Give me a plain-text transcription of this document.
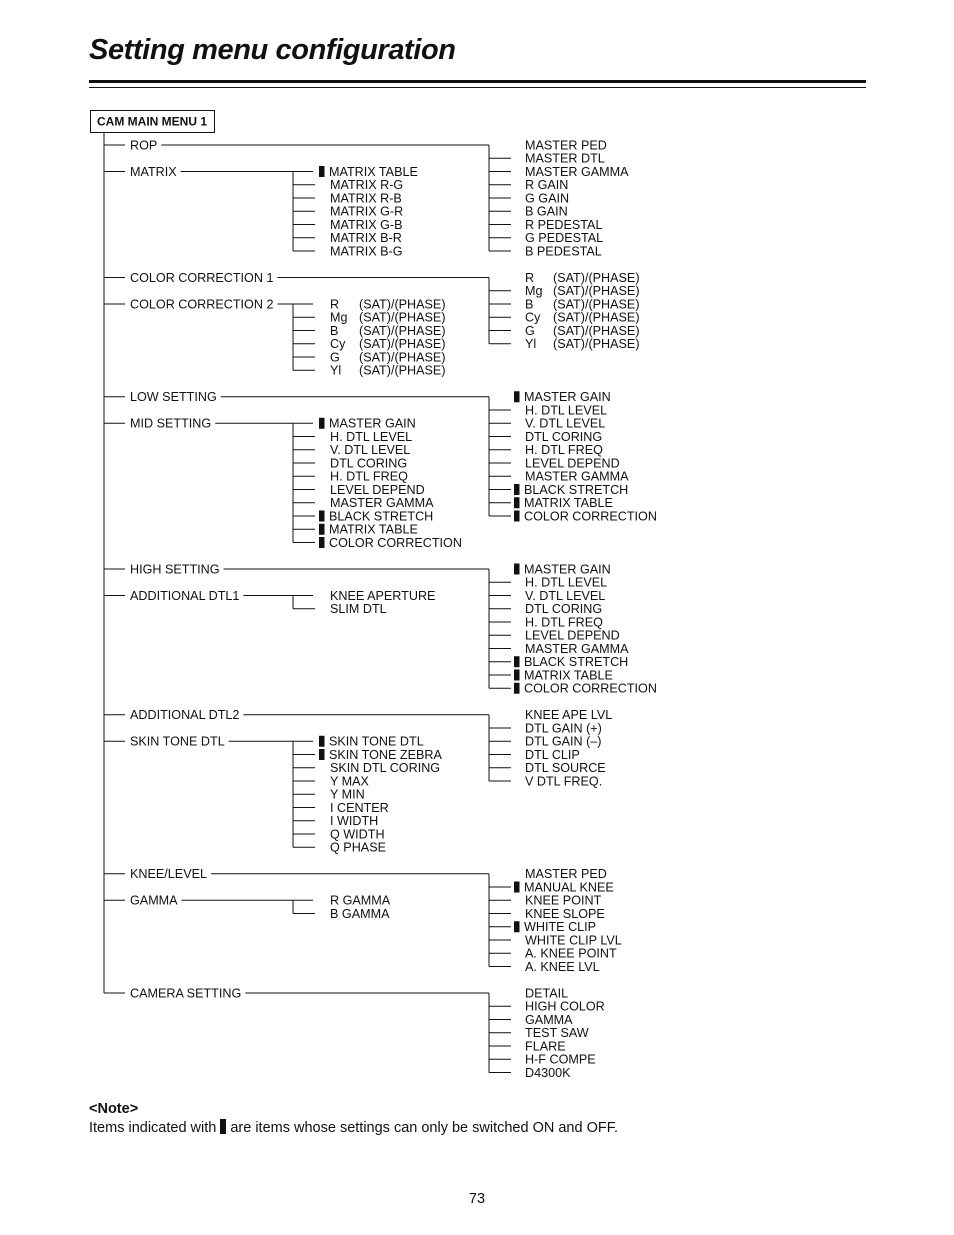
Setting menu configuration
CAM MAIN MENU 1
ROP
MATRIX	MATRIX TABLE
MATRIX R-G
MATRIX R-B
MATRIX G-R
MATRIX G-B
MATRIX B-R
MATRIX B-G
MASTER PED
MASTER DTL
MASTER GAMMA
R GAIN
G GAIN
B GAIN
R PEDESTAL
G PEDESTAL
B PEDESTAL
COLOR CORRECTION 1
COLOR CORRECTION 2	R (SAT)/(PHASE)
Mg (SAT)/(PHASE)
B (SAT)/(PHASE)
Cy (SAT)/(PHASE)
G (SAT)/(PHASE)
Yl (SAT)/(PHASE)
R (SAT)/(PHASE)
Mg (SAT)/(PHASE)
B (SAT)/(PHASE)
Cy (SAT)/(PHASE)
G (SAT)/(PHASE)
Yl (SAT)/(PHASE)
LOW SETTING
MID SETTING	MASTER GAIN
H. DTL LEVEL
V. DTL LEVEL
DTL CORING
H. DTL FREQ
LEVEL DEPEND
MASTER GAMMA
BLACK STRETCH
MATRIX TABLE
COLOR CORRECTION
MASTER GAIN
H. DTL LEVEL
V. DTL LEVEL
DTL CORING
H. DTL FREQ
LEVEL DEPEND
MASTER GAMMA
BLACK STRETCH
MATRIX TABLE
COLOR CORRECTION
HIGH SETTING
ADDITIONAL DTL1	KNEE APERTURE
SLIM DTL
MASTER GAIN
H. DTL LEVEL
V. DTL LEVEL
DTL CORING
H. DTL FREQ
LEVEL DEPEND
MASTER GAMMA
BLACK STRETCH
MATRIX TABLE
COLOR CORRECTION
ADDITIONAL DTL2
SKIN TONE DTL	SKIN TONE DTL
SKIN TONE ZEBRA
SKIN DTL CORING
Y MAX
Y MIN
I CENTER
I WIDTH
Q WIDTH
Q PHASE
KNEE APE LVL
DTL GAIN (+)
DTL GAIN (–)
DTL CLIP
DTL SOURCE
V DTL FREQ.
KNEE/LEVEL
GAMMA	R GAMMA
B GAMMA
MASTER PED
MANUAL KNEE
KNEE POINT
KNEE SLOPE
WHITE CLIP
WHITE CLIP LVL
A. KNEE POINT
A. KNEE LVL
CAMERA SETTING	DETAIL
HIGH COLOR
GAMMA
TEST SAW
FLARE
H-F COMPE
D4300K
<Note>
Items indicated with are items whose settings can only be switched ON and OFF.
73
